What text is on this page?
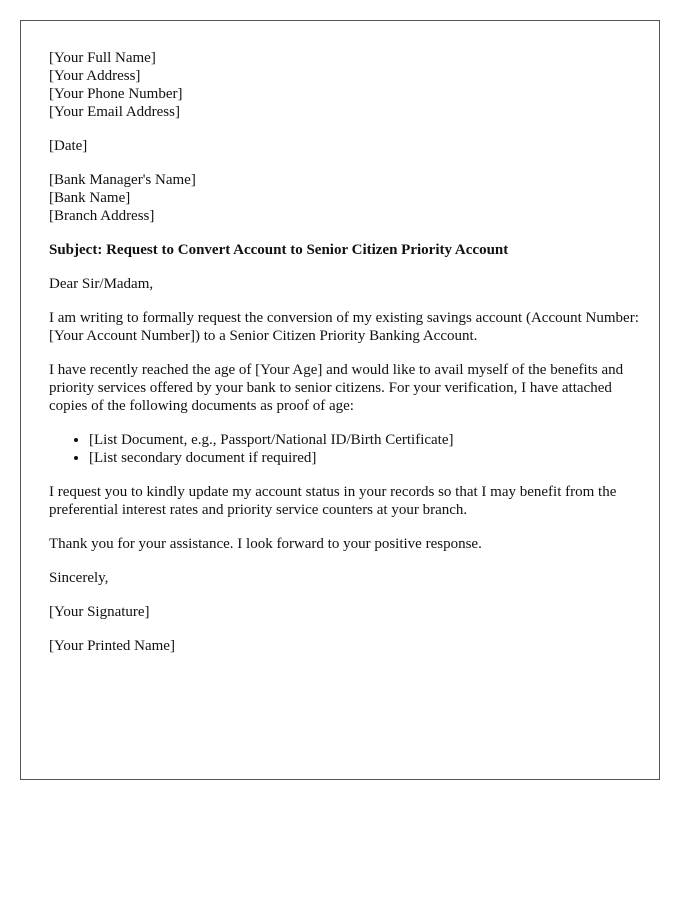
[Your Full Name]
[Your Address]
[Your Phone Number]
[Your Email Address]

[Date]

[Bank Manager's Name]
[Bank Name]
[Branch Address]

Subject: Request to Convert Account to Senior Citizen Priority Account

Dear Sir/Madam,

I am writing to formally request the conversion of my existing savings account (Account Number: [Your Account Number]) to a Senior Citizen Priority Banking Account.

I have recently reached the age of [Your Age] and would like to avail myself of the benefits and priority services offered by your bank to senior citizens. For your verification, I have attached copies of the following documents as proof of age:

• [List Document, e.g., Passport/National ID/Birth Certificate]
• [List secondary document if required]

I request you to kindly update my account status in your records so that I may benefit from the preferential interest rates and priority service counters at your branch.

Thank you for your assistance. I look forward to your positive response.

Sincerely,

[Your Signature]

[Your Printed Name]
